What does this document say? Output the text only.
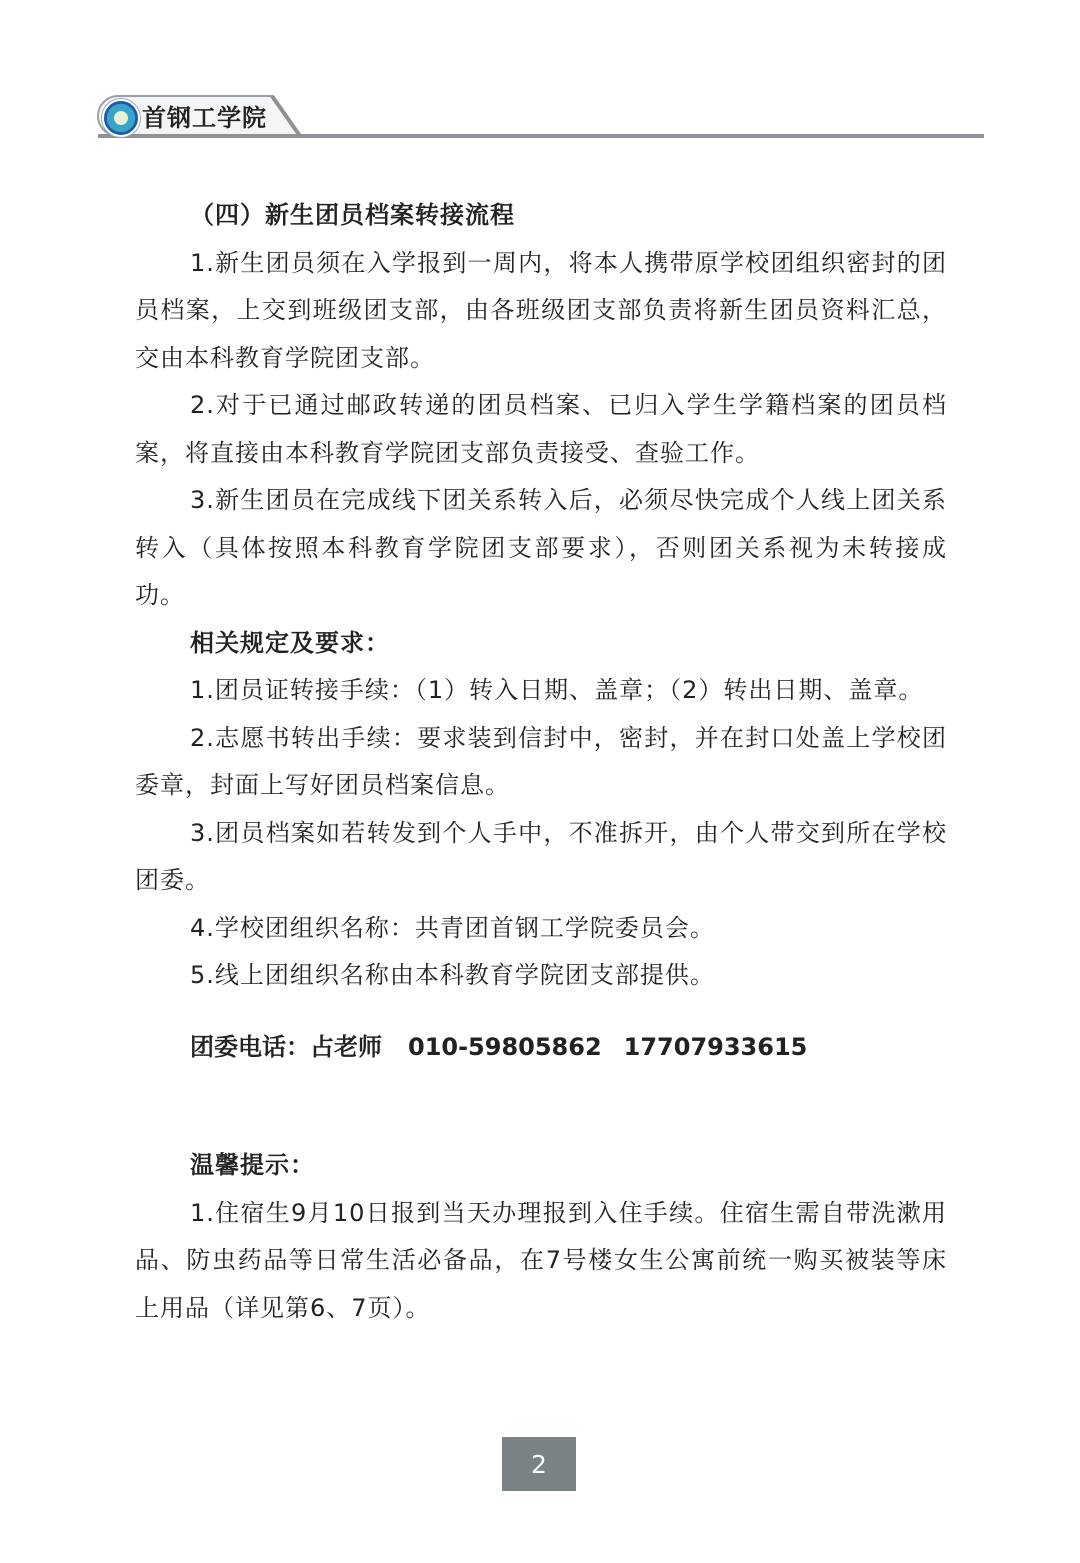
首钢工学院

（四）新生团员档案转接流程

1.新生团员须在入学报到一周内，将本人携带原学校团组织密封的团员档案，上交到班级团支部，由各班级团支部负责将新生团员资料汇总，交由本科教育学院团支部。

2.对于已通过邮政转递的团员档案、已归入学生学籍档案的团员档案，将直接由本科教育学院团支部负责接受、查验工作。

3.新生团员在完成线下团关系转入后，必须尽快完成个人线上团关系转入（具体按照本科教育学院团支部要求），否则团关系视为未转接成功。

相关规定及要求：

1.团员证转接手续：（1）转入日期、盖章；（2）转出日期、盖章。

2.志愿书转出手续：要求装到信封中，密封，并在封口处盖上学校团委章，封面上写好团员档案信息。

3.团员档案如若转发到个人手中，不准拆开，由个人带交到所在学校团委。

4.学校团组织名称：共青团首钢工学院委员会。

5.线上团组织名称由本科教育学院团支部提供。

团委电话：占老师 010-59805862 17707933615

温馨提示：

1.住宿生9月10日报到当天办理报到入住手续。住宿生需自带洗漱用品、防虫药品等日常生活必备品，在7号楼女生公寓前统一购买被装等床上用品（详见第6、7页）。

2
